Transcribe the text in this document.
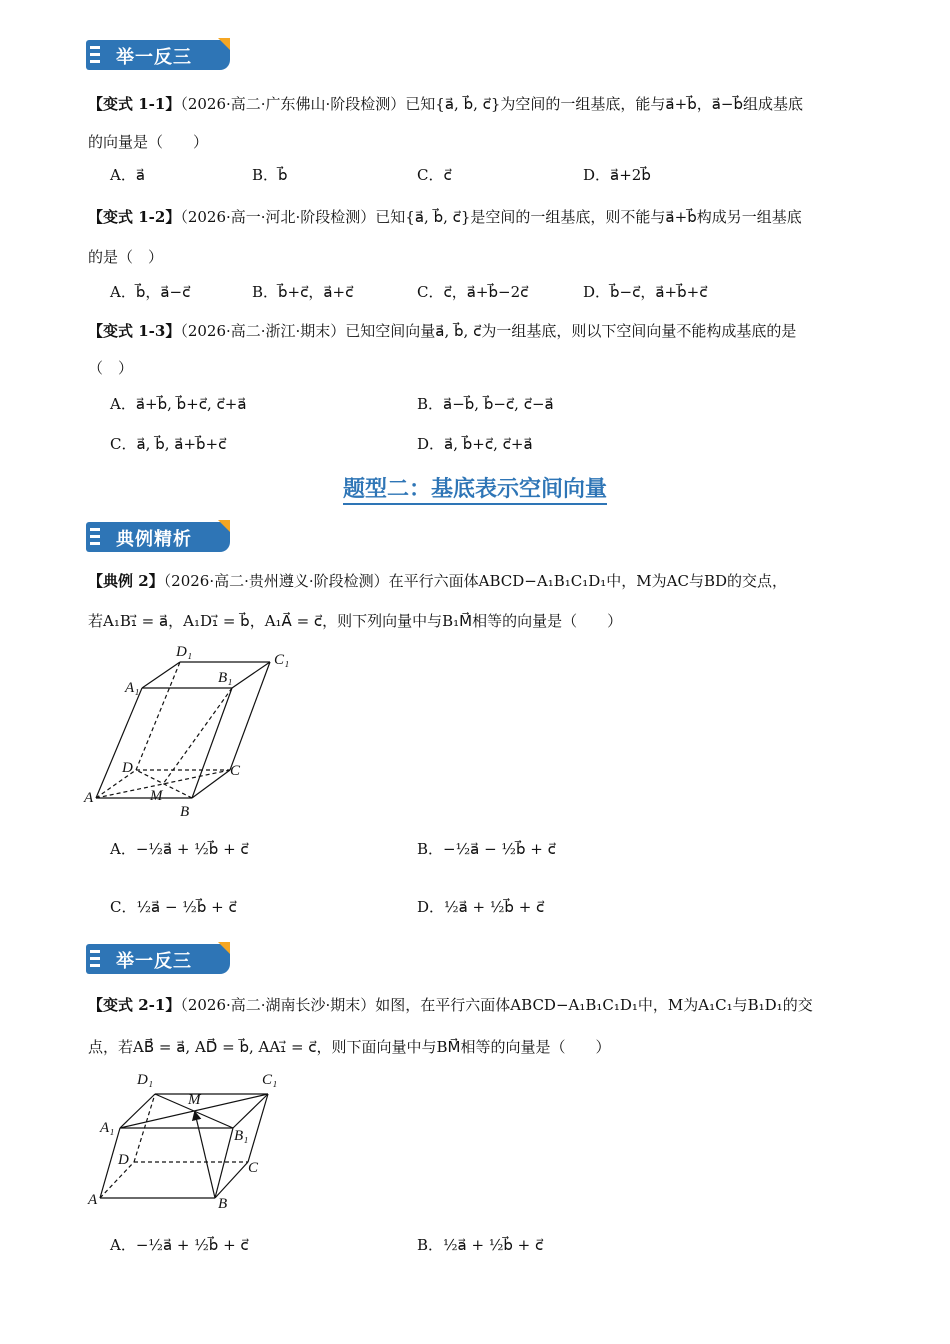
举一反三
【变式 1-1】（2026·高二·广东佛山·阶段检测）已知{a⃗, b⃗, c⃗}为空间的一组基底，能与a⃗+b⃗，a⃗−b⃗组成基底
的向量是（　　）
A．a⃗	B．b⃗	C．c⃗	D．a⃗+2b⃗
【变式 1-2】（2026·高一·河北·阶段检测）已知{a⃗, b⃗, c⃗}是空间的一组基底，则不能与a⃗+b⃗构成另一组基底
的是（　）
A．b⃗，a⃗−c⃗	B．b⃗+c⃗，a⃗+c⃗	C．c⃗，a⃗+b⃗−2c⃗	D．b⃗−c⃗，a⃗+b⃗+c⃗
【变式 1-3】（2026·高二·浙江·期末）已知空间向量a⃗, b⃗, c⃗为一组基底，则以下空间向量不能构成基底的是
（　）
A．a⃗+b⃗, b⃗+c⃗, c⃗+a⃗	B．a⃗−b⃗, b⃗−c⃗, c⃗−a⃗
C．a⃗, b⃗, a⃗+b⃗+c⃗	D．a⃗, b⃗+c⃗, c⃗+a⃗
题型二：基底表示空间向量
典例精析
【典例 2】（2026·高二·贵州遵义·阶段检测）在平行六面体ABCD−A₁B₁C₁D₁中，M为AC与BD的交点，
若A₁B₁⃗ = a⃗，A₁D₁⃗ = b⃗，A₁A⃗ = c⃗，则下列向量中与B₁M⃗相等的向量是（　　）
A
B
C
D
A₁
B₁
C₁
D₁
M
A．−½a⃗ + ½b⃗ + c⃗	B．−½a⃗ − ½b⃗ + c⃗
C．½a⃗ − ½b⃗ + c⃗	D．½a⃗ + ½b⃗ + c⃗
举一反三
【变式 2-1】（2026·高二·湖南长沙·期末）如图，在平行六面体ABCD−A₁B₁C₁D₁中，M为A₁C₁与B₁D₁的交
点，若AB⃗ = a⃗, AD⃗ = b⃗, AA₁⃗ = c⃗，则下面向量中与BM⃗相等的向量是（　　）
A	B
C
D
A₁	B₁
C₁
D₁
M
A．−½a⃗ + ½b⃗ + c⃗	B．½a⃗ + ½b⃗ + c⃗
